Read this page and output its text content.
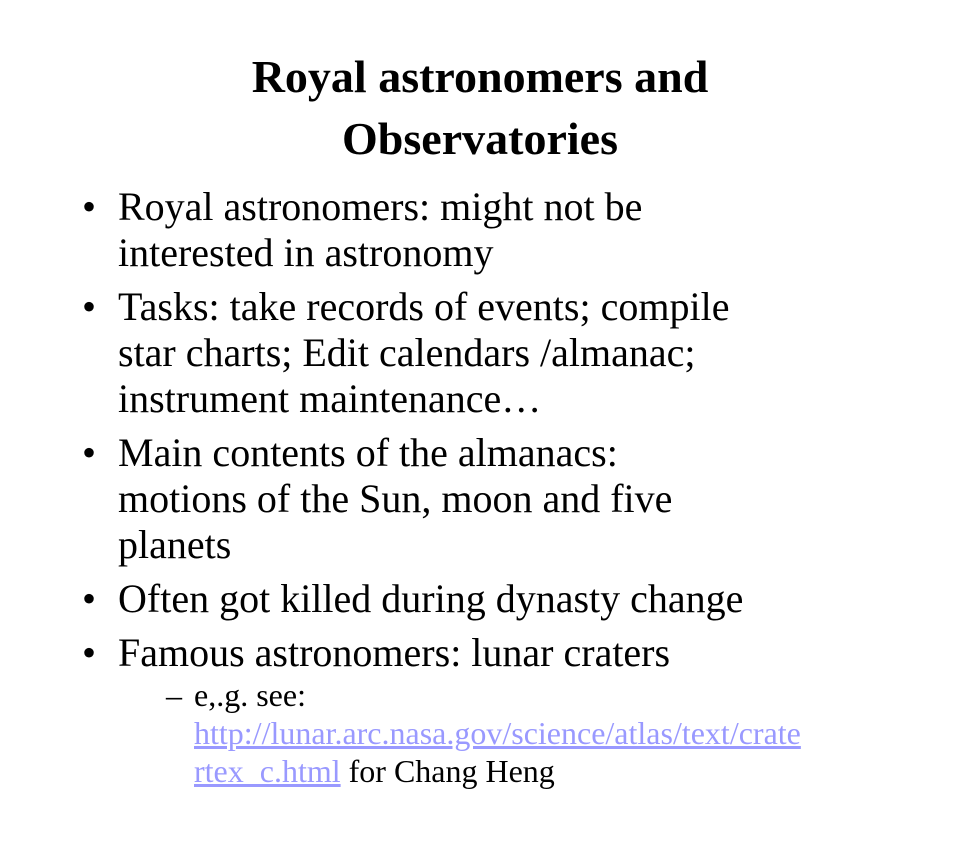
Royal astronomers and
Observatories
• Royal astronomers: might not be
interested in astronomy
• Tasks: take records of events; compile
star charts; Edit calendars /almanac;
instrument maintenance…
• Main contents of the almanacs:
motions of the Sun, moon and five
planets
• Often got killed during dynasty change
• Famous astronomers: lunar craters
– e,.g. see:
http://lunar.arc.nasa.gov/science/atlas/text/crate
rtex_c.html for Chang Heng
